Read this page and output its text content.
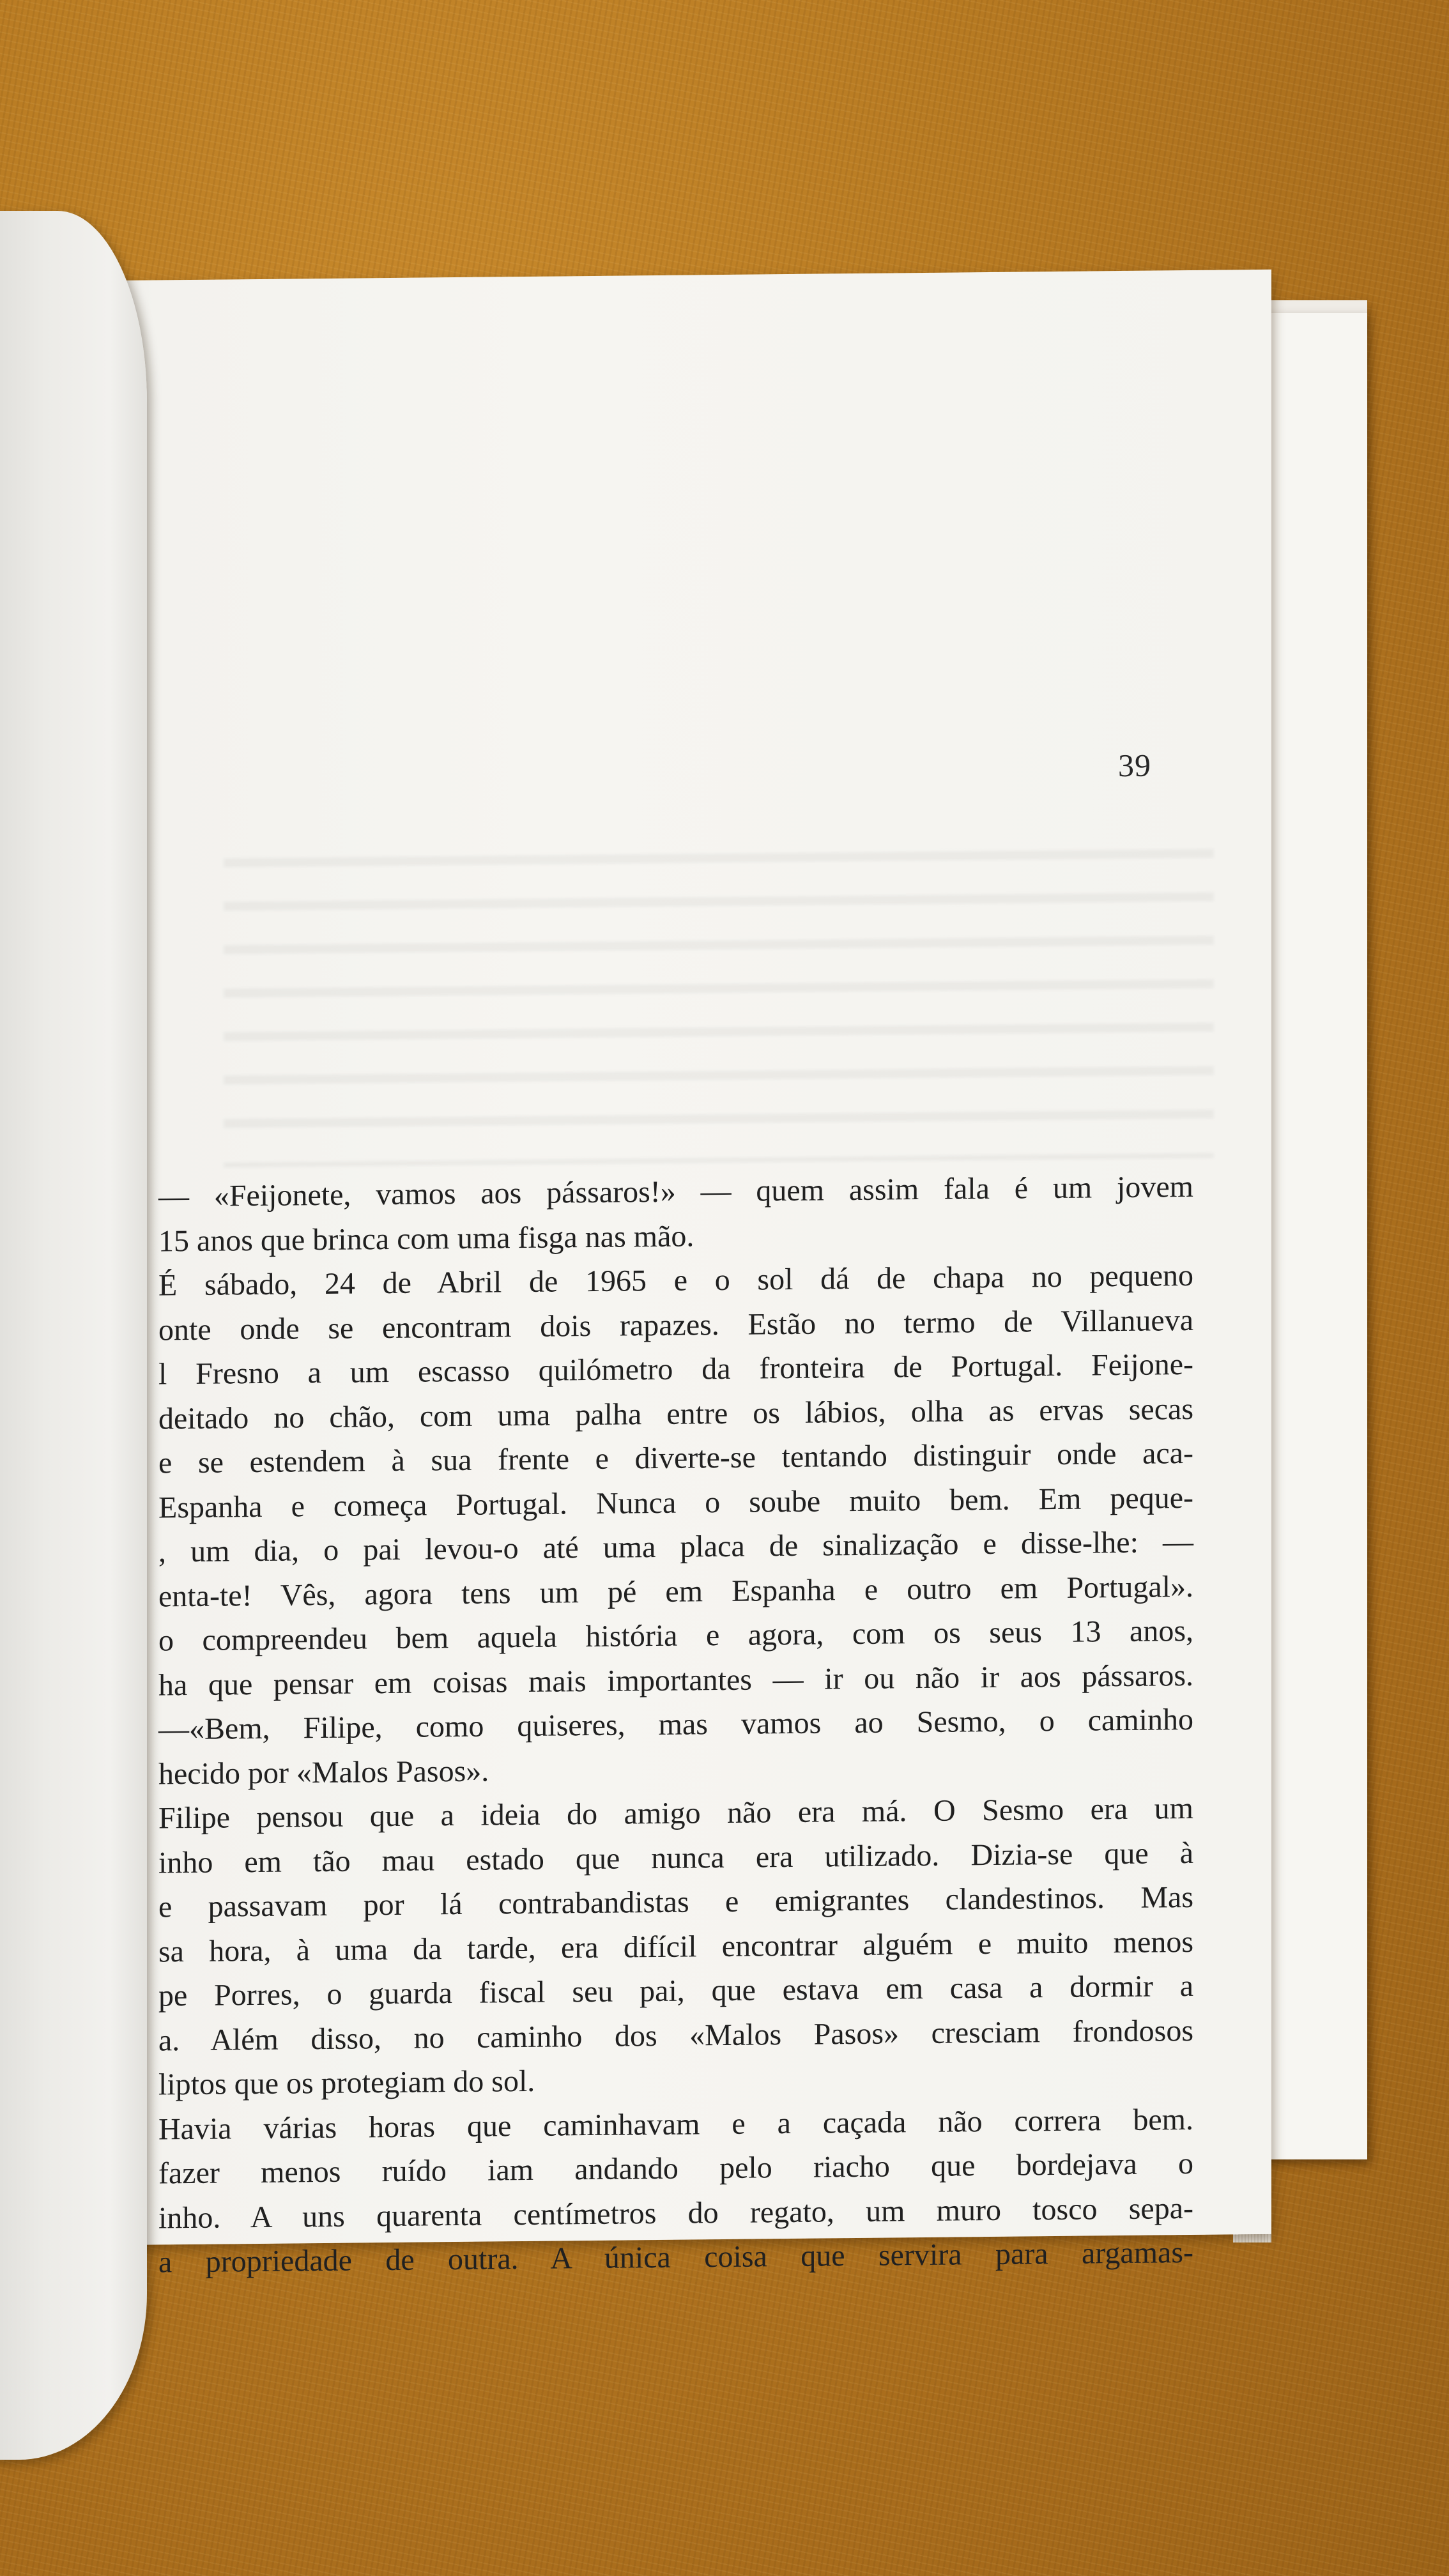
39
— «Feijonete, vamos aos pássaros!» — quem assim fala é um jovem
15 anos que brinca com uma fisga nas mão.
É sábado, 24 de Abril de 1965 e o sol dá de chapa no pequeno
onte onde se encontram dois rapazes. Estão no termo de Villanueva
l Fresno a um escasso quilómetro da fronteira de Portugal. Feijone-
deitado no chão, com uma palha entre os lábios, olha as ervas secas
e se estendem à sua frente e diverte-se tentando distinguir onde aca-
Espanha e começa Portugal. Nunca o soube muito bem. Em peque-
, um dia, o pai levou-o até uma placa de sinalização e disse-lhe: —
enta-te! Vês, agora tens um pé em Espanha e outro em Portugal».
o compreendeu bem aquela história e agora, com os seus 13 anos,
ha que pensar em coisas mais importantes — ir ou não ir aos pássaros.
—«Bem, Filipe, como quiseres, mas vamos ao Sesmo, o caminho
hecido por «Malos Pasos».
Filipe pensou que a ideia do amigo não era má. O Sesmo era um
inho em tão mau estado que nunca era utilizado. Dizia-se que à
e passavam por lá contrabandistas e emigrantes clandestinos. Mas
sa hora, à uma da tarde, era difícil encontrar alguém e muito menos
pe Porres, o guarda fiscal seu pai, que estava em casa a dormir a
a. Além disso, no caminho dos «Malos Pasos» cresciam frondosos
liptos que os protegiam do sol.
Havia várias horas que caminhavam e a caçada não correra bem.
fazer menos ruído iam andando pelo riacho que bordejava o
inho. A uns quarenta centímetros do regato, um muro tosco sepa-
a propriedade de outra. A única coisa que servira para argamas-
